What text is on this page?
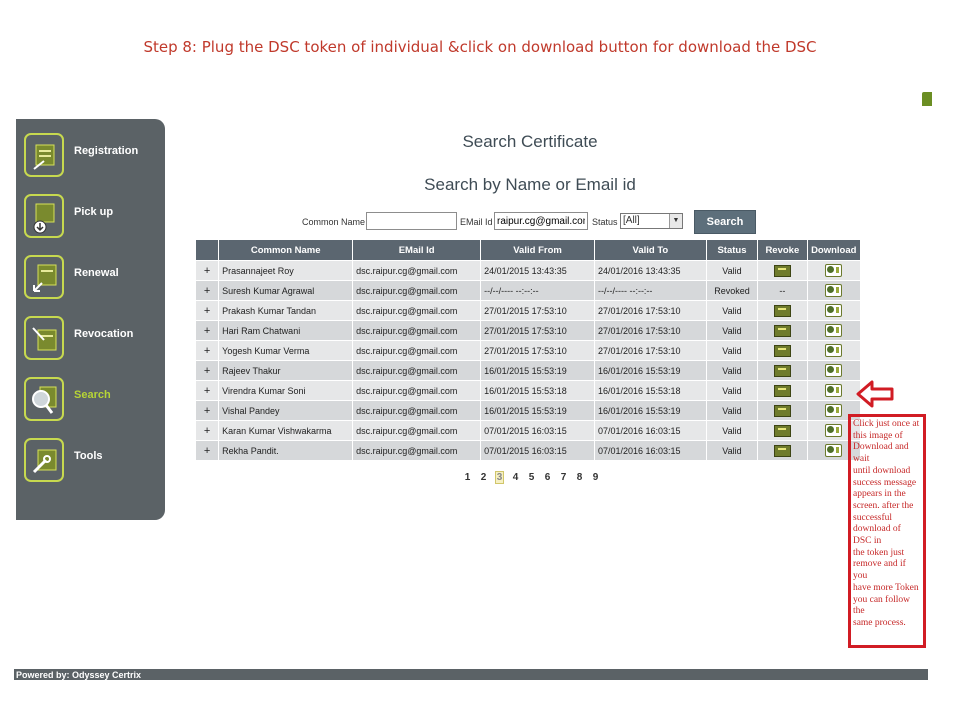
Step 8: Plug the DSC token of individual &click on download button for download the DSC
Registration
Pick up
Renewal
Revocation
Search
Tools
Search Certificate
Search by Name or Email id
Common Name	EMail Id
raipur.cg@gmail.com	Status [All]	▼	Search
	Common Name	EMail Id	Valid From	Valid To	Status	Revoke	Download
+	Prasannajeet Roy	dsc.raipur.cg@gmail.com	24/01/2015 13:43:35	24/01/2016 13:43:35	Valid		
+	Suresh Kumar Agrawal	dsc.raipur.cg@gmail.com	--/--/---- --:--:--	--/--/---- --:--:--	Revoked	--	
+	Prakash Kumar Tandan	dsc.raipur.cg@gmail.com	27/01/2015 17:53:10	27/01/2016 17:53:10	Valid		
+	Hari Ram Chatwani	dsc.raipur.cg@gmail.com	27/01/2015 17:53:10	27/01/2016 17:53:10	Valid		
+	Yogesh Kumar Verma	dsc.raipur.cg@gmail.com	27/01/2015 17:53:10	27/01/2016 17:53:10	Valid		
+	Rajeev Thakur	dsc.raipur.cg@gmail.com	16/01/2015 15:53:19	16/01/2016 15:53:19	Valid		
+	Virendra Kumar Soni	dsc.raipur.cg@gmail.com	16/01/2015 15:53:18	16/01/2016 15:53:18	Valid		
+	Vishal Pandey	dsc.raipur.cg@gmail.com	16/01/2015 15:53:19	16/01/2016 15:53:19	Valid		
+	Karan Kumar Vishwakarma	dsc.raipur.cg@gmail.com	07/01/2015 16:03:15	07/01/2016 16:03:15	Valid		
+	Rekha Pandit.	dsc.raipur.cg@gmail.com	07/01/2015 16:03:15	07/01/2016 16:03:15	Valid		
1 2 3 4 5 6 7 8 9
Click just once at
this image of
Download and wait
until download
success message
appears in the
screen. after the
successful
download of DSC in
the token just
remove and if you
have more Token
you can follow the
same process.
Powered by: Odyssey Certrix
